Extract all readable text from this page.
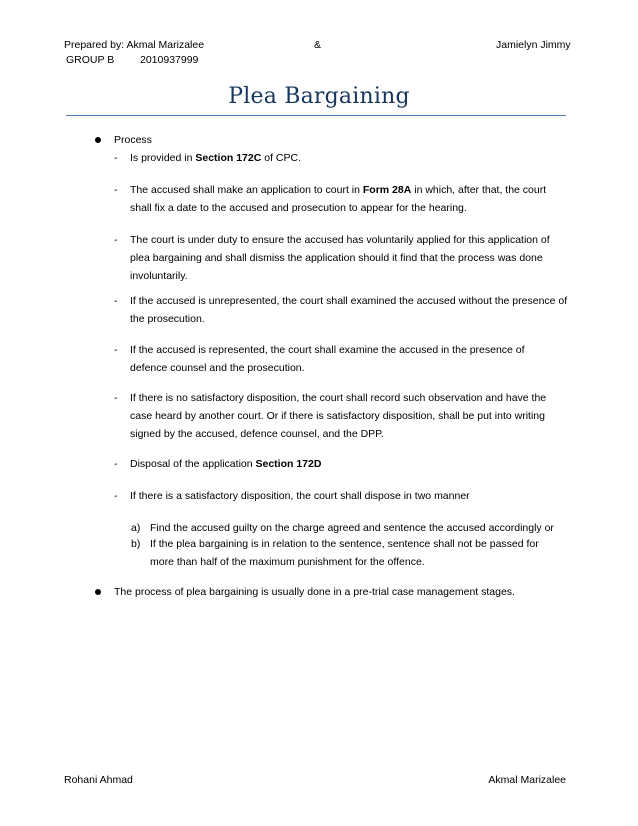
Prepared by: Akmal Marizalee	&	Jamielyn Jimmy
GROUP B 2010937999
Plea Bargaining
Process
- Is provided in Section 172C of CPC.
- The accused shall make an application to court in Form 28A in which, after that, the court shall fix a date to the accused and prosecution to appear for the hearing.
- The court is under duty to ensure the accused has voluntarily applied for this application of plea bargaining and shall dismiss the application should it find that the process was done involuntarily.
- If the accused is unrepresented, the court shall examined the accused without the presence of the prosecution.
- If the accused is represented, the court shall examine the accused in the presence of defence counsel and the prosecution.
- If there is no satisfactory disposition, the court shall record such observation and have the case heard by another court. Or if there is satisfactory disposition, shall be put into writing signed by the accused, defence counsel, and the DPP.
- Disposal of the application Section 172D
- If there is a satisfactory disposition, the court shall dispose in two manner
a) Find the accused guilty on the charge agreed and sentence the accused accordingly or
b) If the plea bargaining is in relation to the sentence, sentence shall not be passed for more than half of the maximum punishment for the offence.
The process of plea bargaining is usually done in a pre-trial case management stages.
Rohani Ahmad	Akmal Marizalee
